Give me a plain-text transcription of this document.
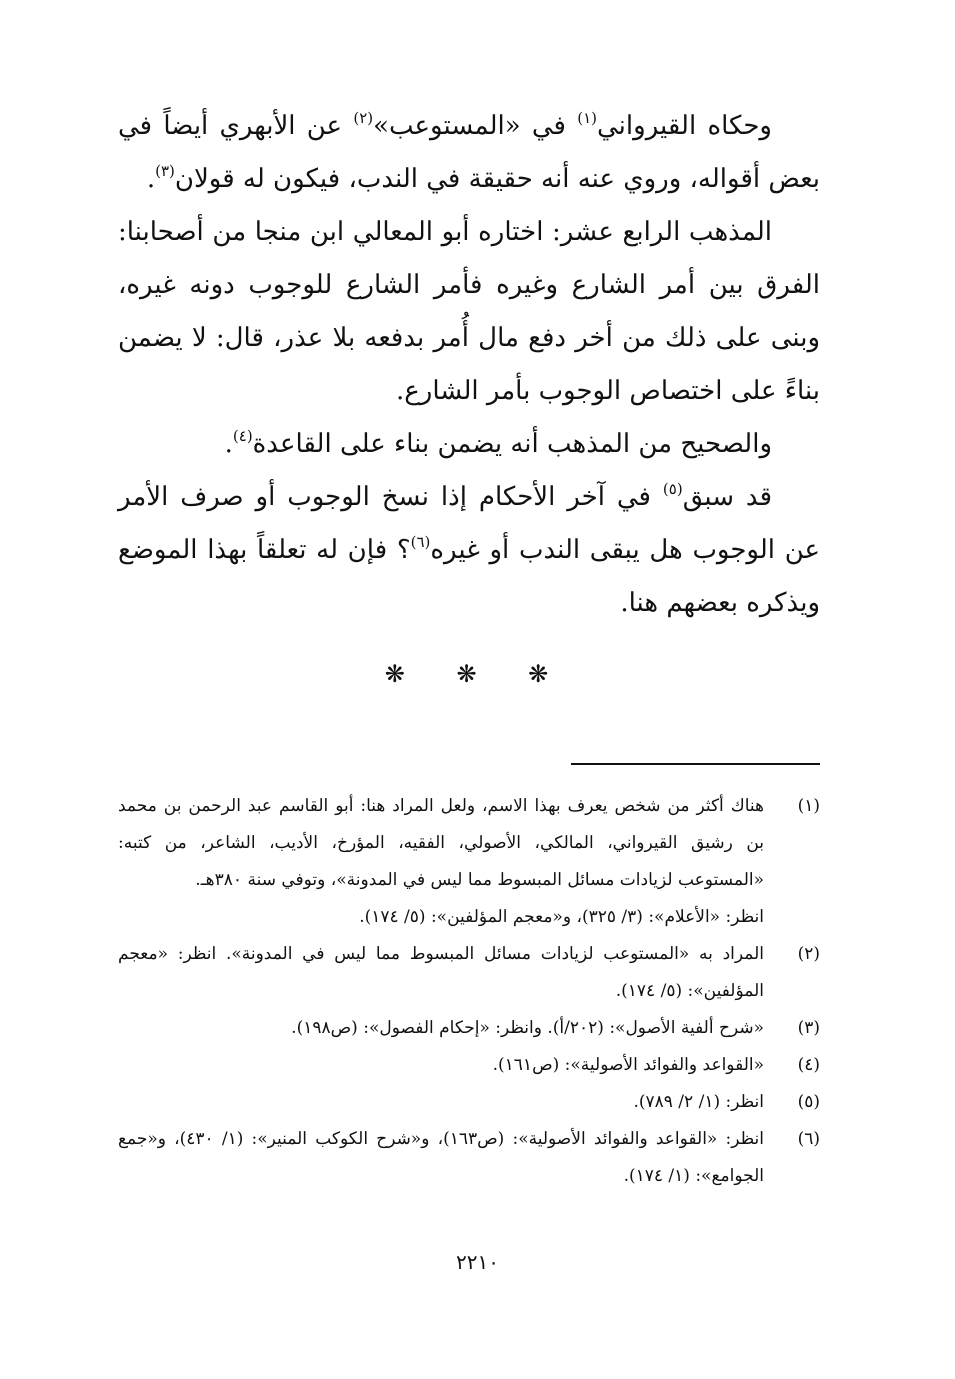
وحكاه القيرواني$^{(١)}$ في «المستوعب»$^{(٢)}$ عن الأبهري أيضاً في بعض أقواله، وروي عنه أنه حقيقة في الندب، فيكون له قولان$^{(٣)}$.

المذهب الرابع عشر: اختاره أبو المعالي ابن منجا من أصحابنا: الفرق بين أمر الشارع وغيره فأمر الشارع للوجوب دونه غيره، وبنى على ذلك من أخر دفع مال أُمر بدفعه بلا عذر، قال: لا يضمن بناءً على اختصاص الوجوب بأمر الشارع.

والصحيح من المذهب أنه يضمن بناء على القاعدة$^{(٤)}$.

قد سبق$^{(٥)}$ في آخر الأحكام إذا نسخ الوجوب أو صرف الأمر عن الوجوب هل يبقى الندب أو غيره$^{(٦)}$؟ فإن له تعلقاً بهذا الموضع ويذكره بعضهم هنا.

❋ ❋ ❋
(١)
هناك أكثر من شخص يعرف بهذا الاسم، ولعل المراد هنا: أبو القاسم عبد الرحمن بن محمد بن رشيق القيرواني، المالكي، الأصولي، الفقيه، المؤرخ، الأديب، الشاعر، من كتبه: «المستوعب لزيادات مسائل المبسوط مما ليس في المدونة»، وتوفي سنة ٣٨٠هـ.
انظر: «الأعلام»: (٣/ ٣٢٥)، و«معجم المؤلفين»: (٥/ ١٧٤).
(٢)
المراد به «المستوعب لزيادات مسائل المبسوط مما ليس في المدونة». انظر: «معجم المؤلفين»: (٥/ ١٧٤).
(٣)
«شرح ألفية الأصول»: (٢٠٢/أ). وانظر: «إحكام الفصول»: (ص١٩٨).
(٤)
«القواعد والفوائد الأصولية»: (ص١٦١).
(٥)
انظر: (١/ ٢/ ٧٨٩).
(٦)
انظر: «القواعد والفوائد الأصولية»: (ص١٦٣)، و«شرح الكوكب المنير»: (١/ ٤٣٠)، و«جمع الجوامع»: (١/ ١٧٤).
٢٢١٠
